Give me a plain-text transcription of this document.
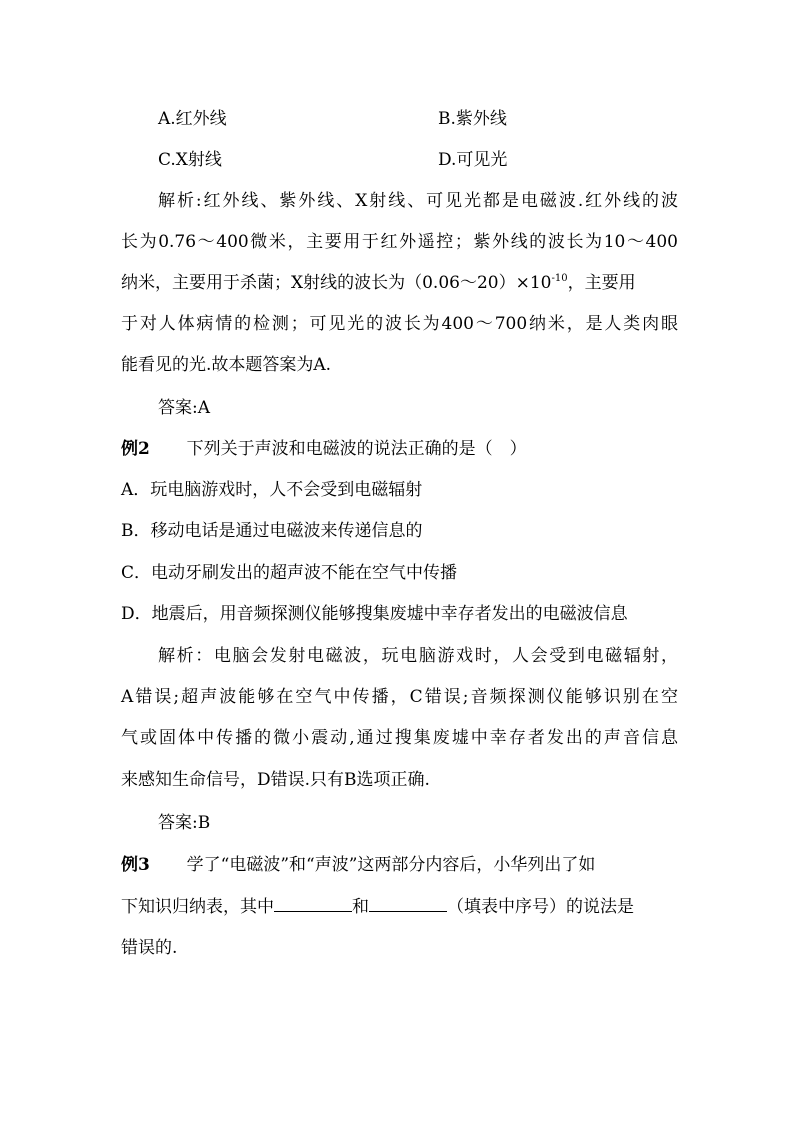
A.红外线	B.紫外线
C.X射线	D.可见光
解析:红外线、紫外线、X射线、可见光都是电磁波.红外线的波
长为0.76～400微米，主要用于红外遥控；紫外线的波长为10～400
纳米，主要用于杀菌；X射线的波长为$(0.06\sim 20)\times 10^{-10}$，主要用
于对人体病情的检测；可见光的波长为400～700纳米，是人类肉眼
能看见的光.故本题答案为A.
答案:A
例2 下列关于声波和电磁波的说法正确的是（　）
A．玩电脑游戏时，人不会受到电磁辐射
B．移动电话是通过电磁波来传递信息的
C．电动牙刷发出的超声波不能在空气中传播
D．地震后，用音频探测仪能够搜集废墟中幸存者发出的电磁波信息
解析：电脑会发射电磁波，玩电脑游戏时，人会受到电磁辐射，
A错误;超声波能够在空气中传播，C错误;音频探测仪能够识别在空
气或固体中传播的微小震动,通过搜集废墟中幸存者发出的声音信息
来感知生命信号，D错误.只有B选项正确.
答案:B
例3 学了“电磁波”和“声波”这两部分内容后，小华列出了如
下知识归纳表，其中	和	（填表中序号）的说法是
错误的.
